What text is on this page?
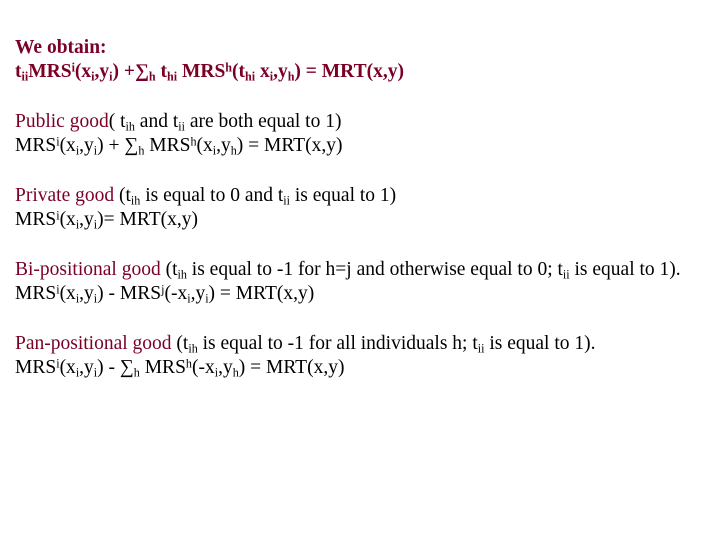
We obtain:
$t_{ii}MRS^i(x_i,y_i) +\sum_h$ $t_{hi}$ $MRS^h(t_{hi}$ $x_i,y_h) = MRT(x,y)$
Public good( $t_{ih}$ and $t_{ii}$ are both equal to 1)
$MRS^i(x_i,y_i) + \sum_h$ $MRS^h(x_i,y_h) = MRT(x,y)$
Private good ($t_{ih}$ is equal to 0 and $t_{ii}$ is equal to 1)
$MRS^i(x_i,y_i)= MRT(x,y)$
Bi-positional good ($t_{ih}$ is equal to -1 for h=j and otherwise equal to 0; $t_{ii}$ is equal to 1).
$MRS^i(x_i,y_i) - MRS^j(-x_i,y_i) = MRT(x,y)$
Pan-positional good ($t_{ih}$ is equal to -1 for all individuals h; $t_{ii}$ is equal to 1).
$MRS^i(x_i,y_i) - \sum_h$ $MRS^h(-x_i,y_h) = MRT(x,y)$
